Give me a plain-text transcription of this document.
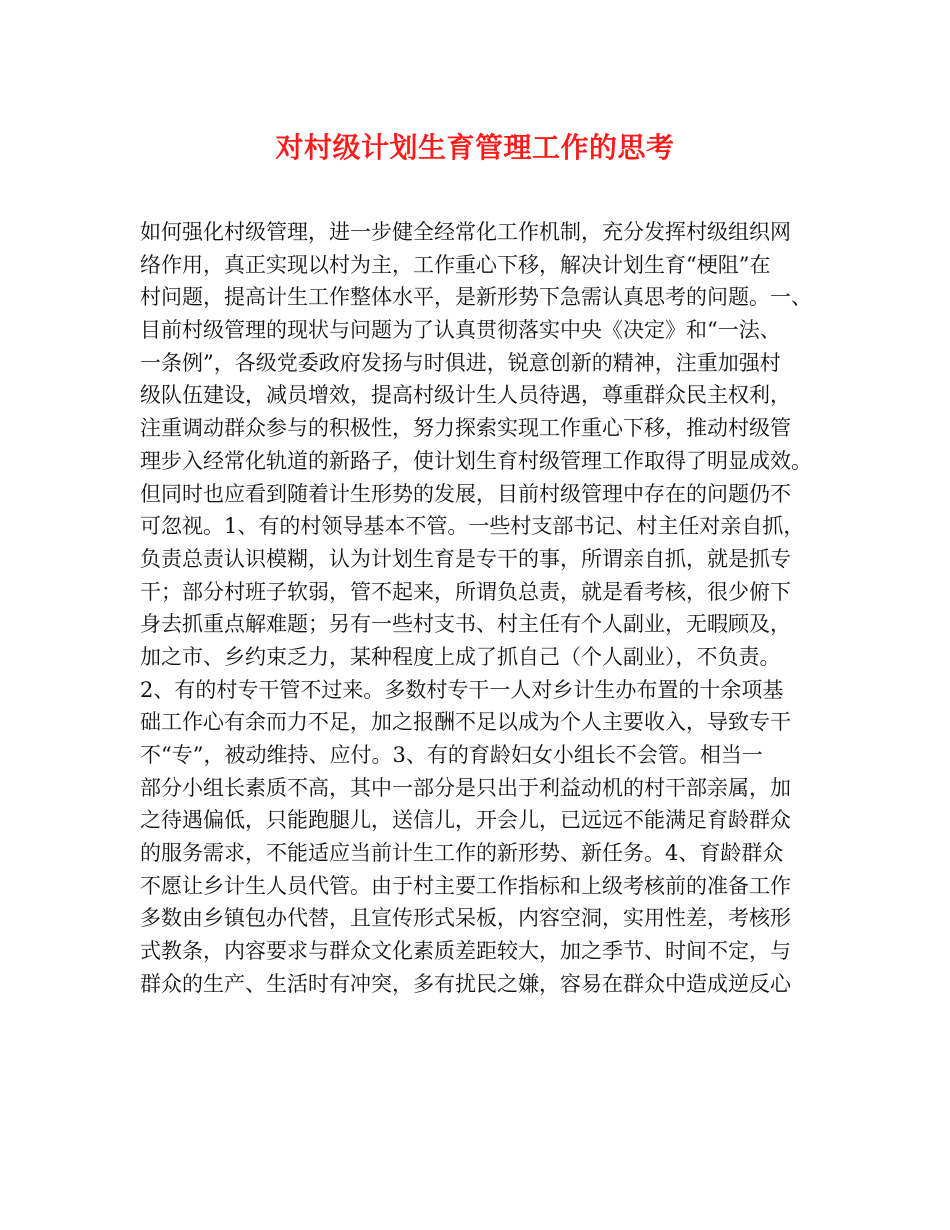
对村级计划生育管理工作的思考
如何强化村级管理，进一步健全经常化工作机制，充分发挥村级组织网
络作用，真正实现以村为主，工作重心下移，解决计划生育“梗阻”在
村问题，提高计生工作整体水平，是新形势下急需认真思考的问题。一、
目前村级管理的现状与问题为了认真贯彻落实中央《决定》和“一法、
一条例”，各级党委政府发扬与时俱进，锐意创新的精神，注重加强村
级队伍建设，减员增效，提高村级计生人员待遇，尊重群众民主权利，
注重调动群众参与的积极性，努力探索实现工作重心下移，推动村级管
理步入经常化轨道的新路子，使计划生育村级管理工作取得了明显成效。
但同时也应看到随着计生形势的发展，目前村级管理中存在的问题仍不
可忽视。1、有的村领导基本不管。一些村支部书记、村主任对亲自抓，
负责总责认识模糊，认为计划生育是专干的事，所谓亲自抓，就是抓专
干；部分村班子软弱，管不起来，所谓负总责，就是看考核，很少俯下
身去抓重点解难题；另有一些村支书、村主任有个人副业，无暇顾及，
加之市、乡约束乏力，某种程度上成了抓自己（个人副业），不负责。
2、有的村专干管不过来。多数村专干一人对乡计生办布置的十余项基
础工作心有余而力不足，加之报酬不足以成为个人主要收入，导致专干
不“专”，被动维持、应付。3、有的育龄妇女小组长不会管。相当一
部分小组长素质不高，其中一部分是只出于利益动机的村干部亲属，加
之待遇偏低，只能跑腿儿，送信儿，开会儿，已远远不能满足育龄群众
的服务需求，不能适应当前计生工作的新形势、新任务。4、育龄群众
不愿让乡计生人员代管。由于村主要工作指标和上级考核前的准备工作
多数由乡镇包办代替，且宣传形式呆板，内容空洞，实用性差，考核形
式教条，内容要求与群众文化素质差距较大，加之季节、时间不定，与
群众的生产、生活时有冲突，多有扰民之嫌，容易在群众中造成逆反心
